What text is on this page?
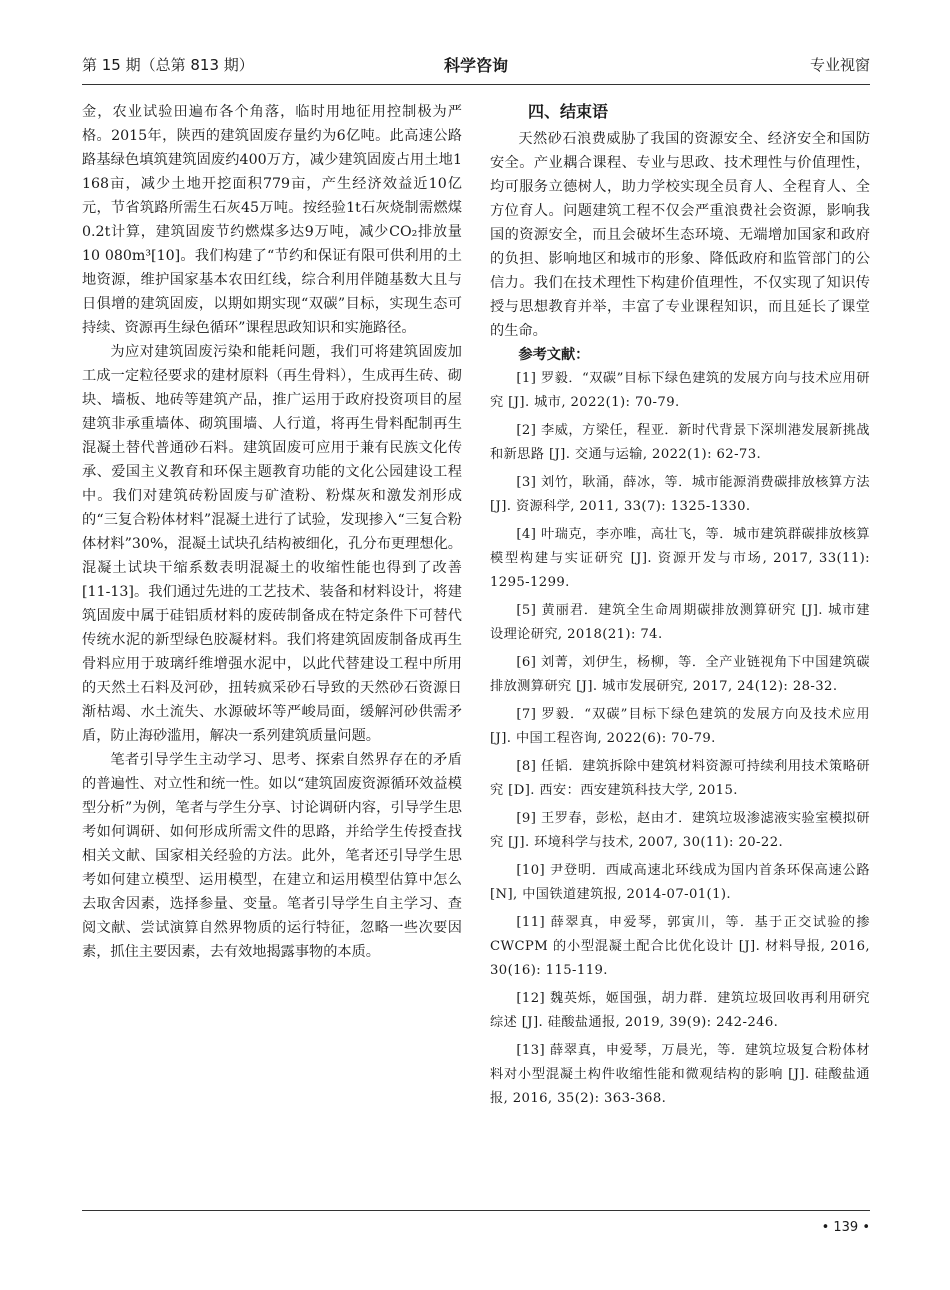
第 15 期（总第 813 期）	科学咨询	专业视窗

金，农业试验田遍布各个角落，临时用地征用控制极为严格。2015年，陕西的建筑固废存量约为6亿吨。此高速公路路基绿色填筑建筑固废约400万方，减少建筑固废占用土地1 168亩，减少土地开挖面积779亩，产生经济效益近10亿元，节省筑路所需生石灰45万吨。按经验1t石灰烧制需燃煤0.2t计算，建筑固废节约燃煤多达9万吨，减少CO₂排放量10 080m³[10]。我们构建了“节约和保证有限可供利用的土地资源，维护国家基本农田红线，综合利用伴随基数大且与日俱增的建筑固废，以期如期实现“双碳”目标，实现生态可持续、资源再生绿色循环”课程思政知识和实施路径。

为应对建筑固废污染和能耗问题，我们可将建筑固废加工成一定粒径要求的建材原料（再生骨料），生成再生砖、砌块、墙板、地砖等建筑产品，推广运用于政府投资项目的屋建筑非承重墙体、砌筑围墙、人行道，将再生骨料配制再生混凝土替代普通砂石料。建筑固废可应用于兼有民族文化传承、爱国主义教育和环保主题教育功能的文化公园建设工程中。我们对建筑砖粉固废与矿渣粉、粉煤灰和激发剂形成的“三复合粉体材料”混凝土进行了试验，发现掺入“三复合粉体材料”30%，混凝土试块孔结构被细化，孔分布更理想化。混凝土试块干缩系数表明混凝土的收缩性能也得到了改善[11-13]。我们通过先进的工艺技术、装备和材料设计，将建筑固废中属于硅铝质材料的废砖制备成在特定条件下可替代传统水泥的新型绿色胶凝材料。我们将建筑固废制备成再生骨料应用于玻璃纤维增强水泥中，以此代替建设工程中所用的天然土石料及河砂，扭转疯采砂石导致的天然砂石资源日渐枯竭、水土流失、水源破坏等严峻局面，缓解河砂供需矛盾，防止海砂滥用，解决一系列建筑质量问题。

笔者引导学生主动学习、思考、探索自然界存在的矛盾的普遍性、对立性和统一性。如以“建筑固废资源循环效益模型分析”为例，笔者与学生分享、讨论调研内容，引导学生思考如何调研、如何形成所需文件的思路，并给学生传授查找相关文献、国家相关经验的方法。此外，笔者还引导学生思考如何建立模型、运用模型，在建立和运用模型估算中怎么去取舍因素，选择参量、变量。笔者引导学生自主学习、查阅文献、尝试演算自然界物质的运行特征，忽略一些次要因素，抓住主要因素，去有效地揭露事物的本质。

四、结束语

天然砂石浪费威胁了我国的资源安全、经济安全和国防安全。产业耦合课程、专业与思政、技术理性与价值理性，均可服务立德树人，助力学校实现全员育人、全程育人、全方位育人。问题建筑工程不仅会严重浪费社会资源，影响我国的资源安全，而且会破坏生态环境、无端增加国家和政府的负担、影响地区和城市的形象、降低政府和监管部门的公信力。我们在技术理性下构建价值理性，不仅实现了知识传授与思想教育并举，丰富了专业课程知识，而且延长了课堂的生命。

参考文献：

[1] 罗毅．“双碳”目标下绿色建筑的发展方向与技术应用研究 [J]. 城市, 2022(1): 70-79.
[2] 李威，方梁任，程亚．新时代背景下深圳港发展新挑战和新思路 [J]. 交通与运输, 2022(1): 62-73.
[3] 刘竹，耿涌，薛冰，等．城市能源消费碳排放核算方法 [J]. 资源科学, 2011, 33(7): 1325-1330.
[4] 叶瑞克，李亦唯，高壮飞，等．城市建筑群碳排放核算模型构建与实证研究 [J]. 资源开发与市场, 2017, 33(11): 1295-1299.
[5] 黄丽君．建筑全生命周期碳排放测算研究 [J]. 城市建设理论研究, 2018(21): 74.
[6] 刘菁，刘伊生，杨柳，等．全产业链视角下中国建筑碳排放测算研究 [J]. 城市发展研究, 2017, 24(12): 28-32.
[7] 罗毅．“双碳”目标下绿色建筑的发展方向及技术应用 [J]. 中国工程咨询, 2022(6): 70-79.
[8] 任韬．建筑拆除中建筑材料资源可持续利用技术策略研究 [D]. 西安：西安建筑科技大学, 2015.
[9] 王罗春，彭松，赵由才．建筑垃圾渗滤液实验室模拟研究 [J]. 环境科学与技术, 2007, 30(11): 20-22.
[10] 尹登明．西咸高速北环线成为国内首条环保高速公路 [N], 中国铁道建筑报, 2014-07-01(1).
[11] 薛翠真，申爱琴，郭寅川，等．基于正交试验的掺 CWCPM 的小型混凝土配合比优化设计 [J]. 材料导报, 2016, 30(16): 115-119.
[12] 魏英烁，姬国强，胡力群．建筑垃圾回收再利用研究综述 [J]. 硅酸盐通报, 2019, 39(9): 242-246.
[13] 薛翠真，申爱琴，万晨光，等．建筑垃圾复合粉体材料对小型混凝土构件收缩性能和微观结构的影响 [J]. 硅酸盐通报, 2016, 35(2): 363-368.
• 139 •
